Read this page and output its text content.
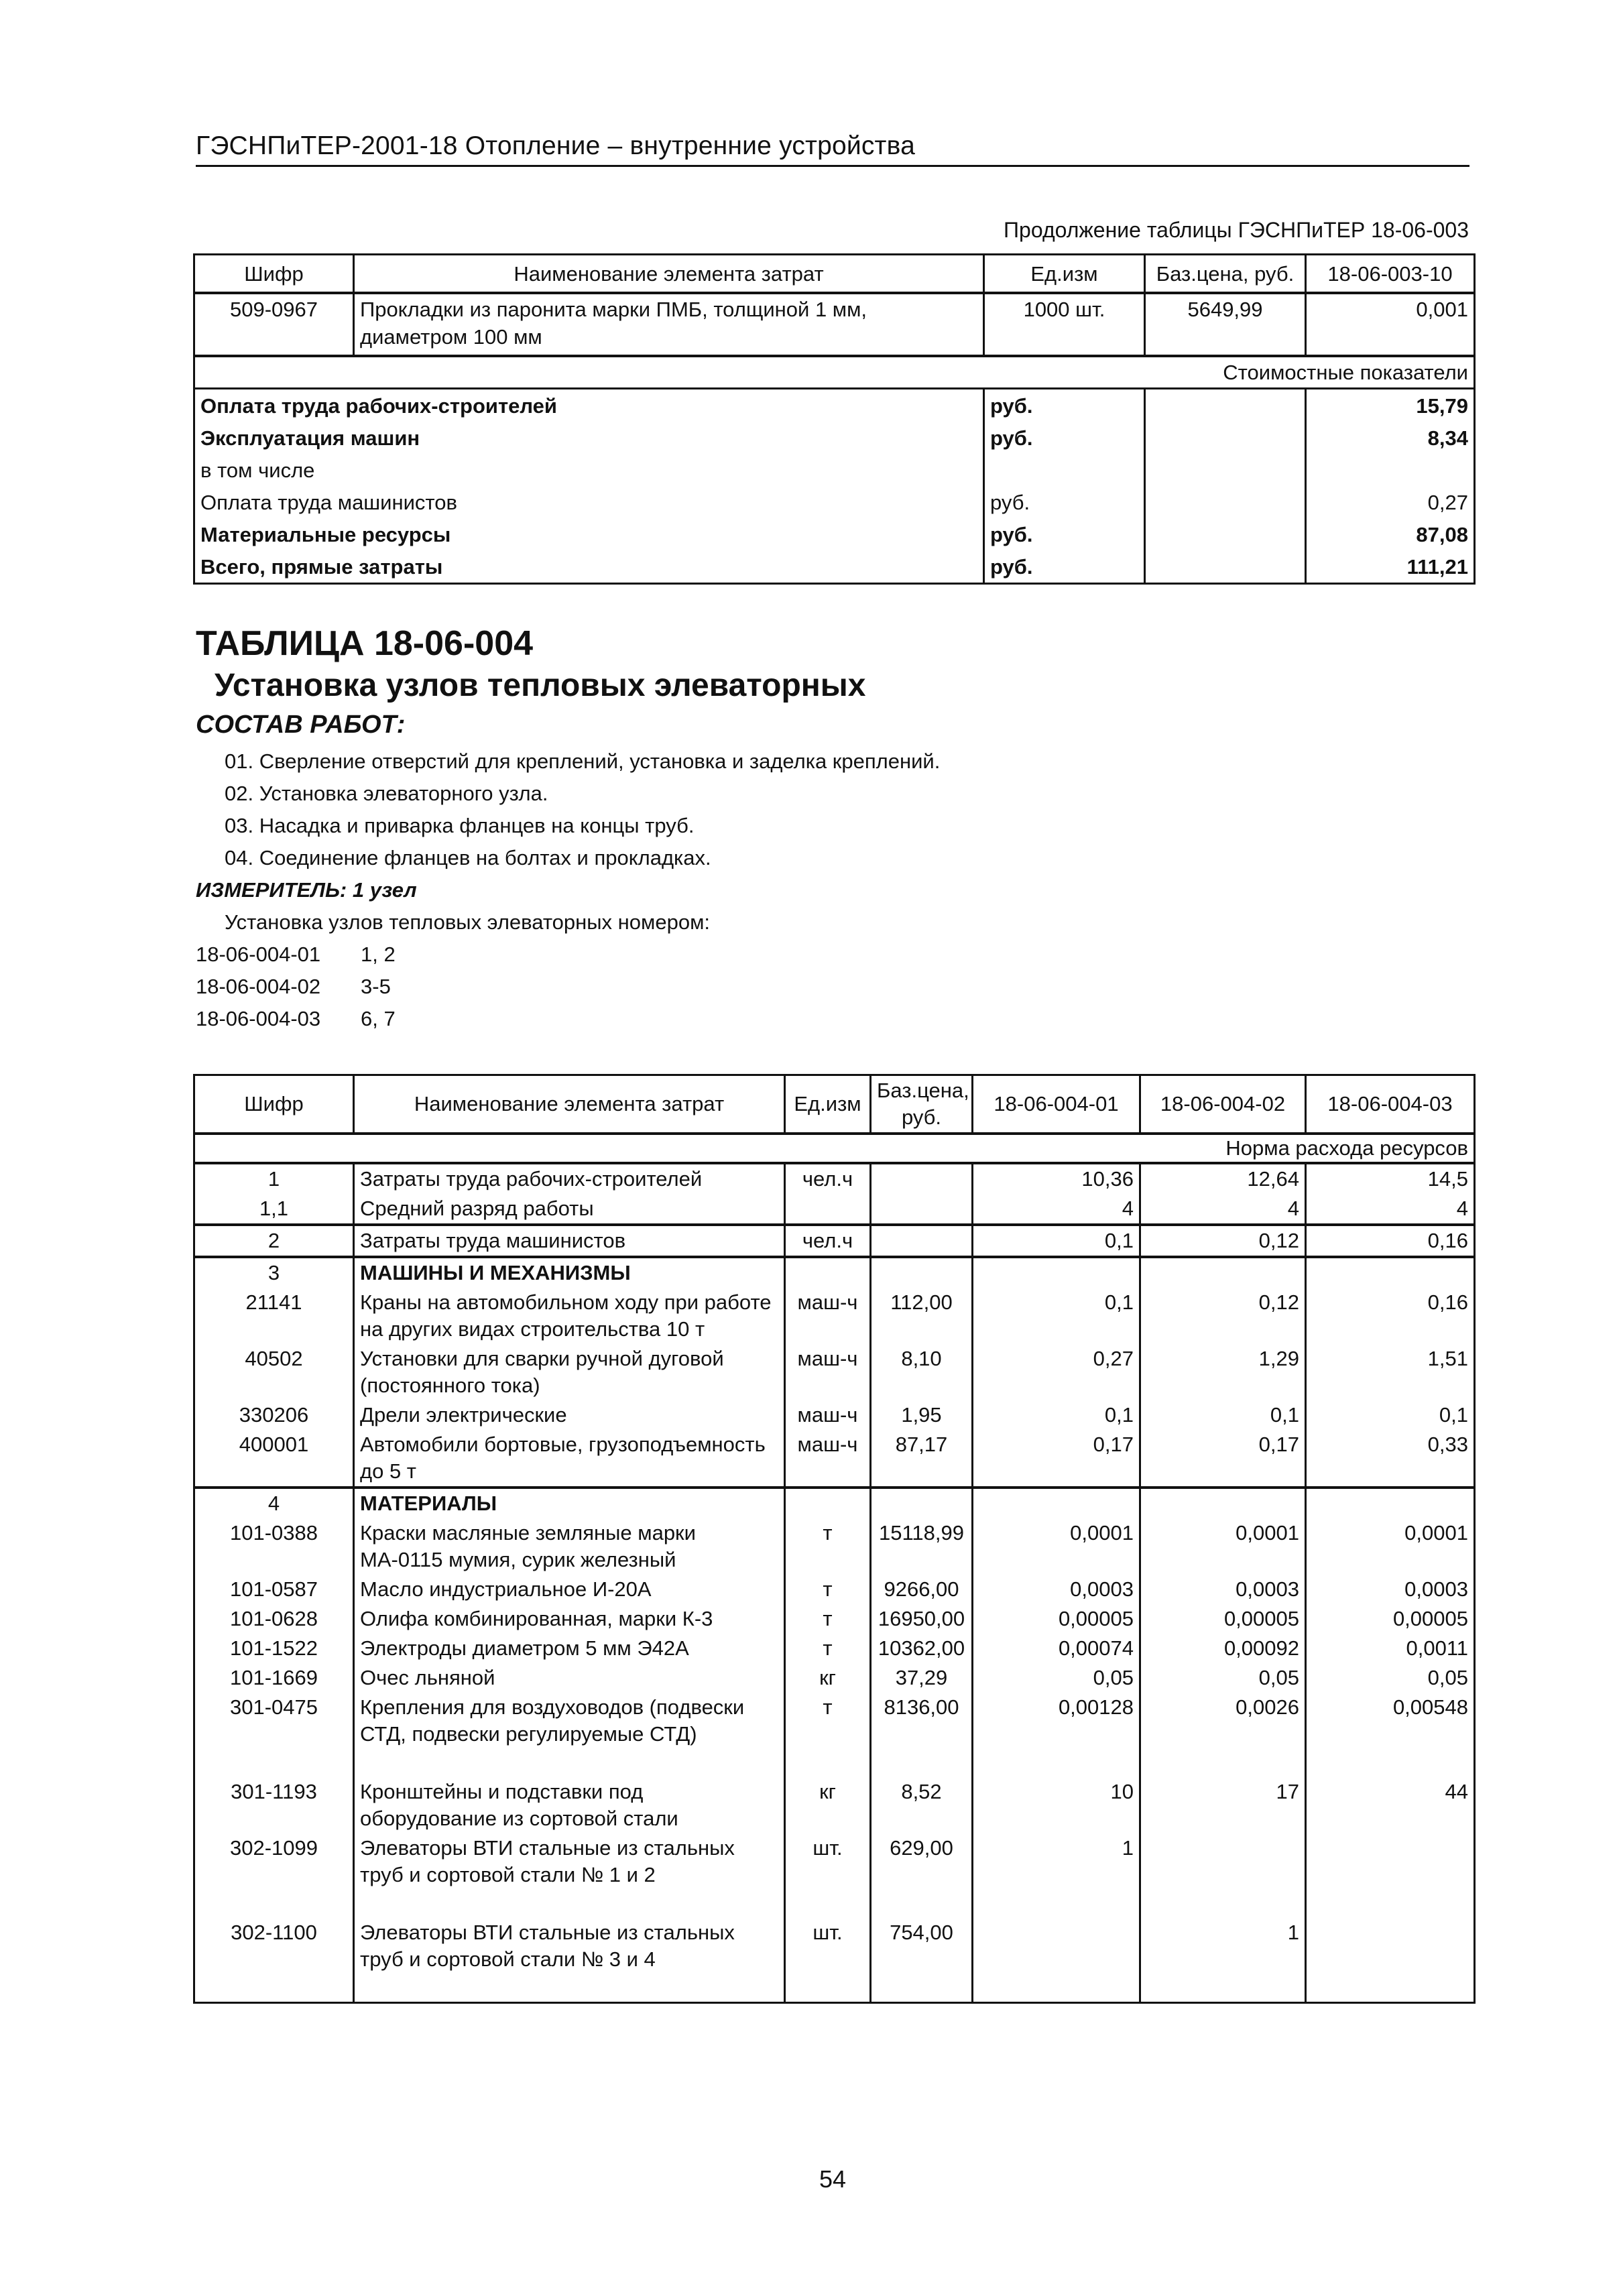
ГЭСНПиТЕР-2001-18 Отопление – внутренние устройства
Продолжение таблицы ГЭСНПиТЕР 18-06-003
Шифр	Наименование элемента затрат	Ед.изм	Баз.цена, руб.	18-06-003-10
509-0967	Прокладки из паронита марки ПМБ, толщиной 1 мм, диаметром 100 мм	1000 шт.	5649,99	0,001
Стоимостные показатели				
Оплата труда рабочих-строителей		руб.		15,79
Эксплуатация машин		руб.		8,34
в том числе				
Оплата труда машинистов		руб.		0,27
Материальные ресурсы		руб.		87,08
Всего, прямые затраты		руб.		111,21
ТАБЛИЦА 18-06-004
Установка узлов тепловых элеваторных
СОСТАВ РАБОТ:
01. Сверление отверстий для креплений, установка и заделка креплений.
02. Установка элеваторного узла.
03. Насадка и приварка фланцев на концы труб.
04. Соединение фланцев на болтах и прокладках.
ИЗМЕРИТЕЛЬ: 1 узел
Установка узлов тепловых элеваторных номером:
18-06-004-01 1, 2
18-06-004-02 3-5
18-06-004-03 6, 7
Шифр	Наименование элемента затрат	Ед.изм	Баз.цена, руб.	18-06-004-01	18-06-004-02	18-06-004-03
Норма расхода ресурсов						
1	Затраты труда рабочих-строителей	чел.ч		10,36	12,64	14,5
1,1	Средний разряд работы			4	4	4
2	Затраты труда машинистов	чел.ч		0,1	0,12	0,16
3	МАШИНЫ И МЕХАНИЗМЫ					
21141	Краны на автомобильном ходу при работе на других видах строительства 10 т	маш-ч	112,00	0,1	0,12	0,16
40502	Установки для сварки ручной дуговой (постоянного тока)	маш-ч	8,10	0,27	1,29	1,51
330206	Дрели электрические	маш-ч	1,95	0,1	0,1	0,1
400001	Автомобили бортовые, грузоподъемность до 5 т	маш-ч	87,17	0,17	0,17	0,33
4	МАТЕРИАЛЫ					
101-0388	Краски масляные земляные марки МА-0115 мумия, сурик железный	т	15118,99	0,0001	0,0001	0,0001
101-0587	Масло индустриальное И-20А	т	9266,00	0,0003	0,0003	0,0003
101-0628	Олифа комбинированная, марки К-3	т	16950,00	0,00005	0,00005	0,00005
101-1522	Электроды диаметром 5 мм Э42А	т	10362,00	0,00074	0,00092	0,0011
101-1669	Очес льняной	кг	37,29	0,05	0,05	0,05
301-0475	Крепления для воздуховодов (подвески СТД, подвески регулируемые СТД)	т	8136,00	0,00128	0,0026	0,00548
301-1193	Кронштейны и подставки под оборудование из сортовой стали	кг	8,52	10	17	44
302-1099	Элеваторы ВТИ стальные из стальных труб и сортовой стали № 1 и 2	шт.	629,00	1		
302-1100	Элеваторы ВТИ стальные из стальных труб и сортовой стали № 3 и 4	шт.	754,00		1	
54
